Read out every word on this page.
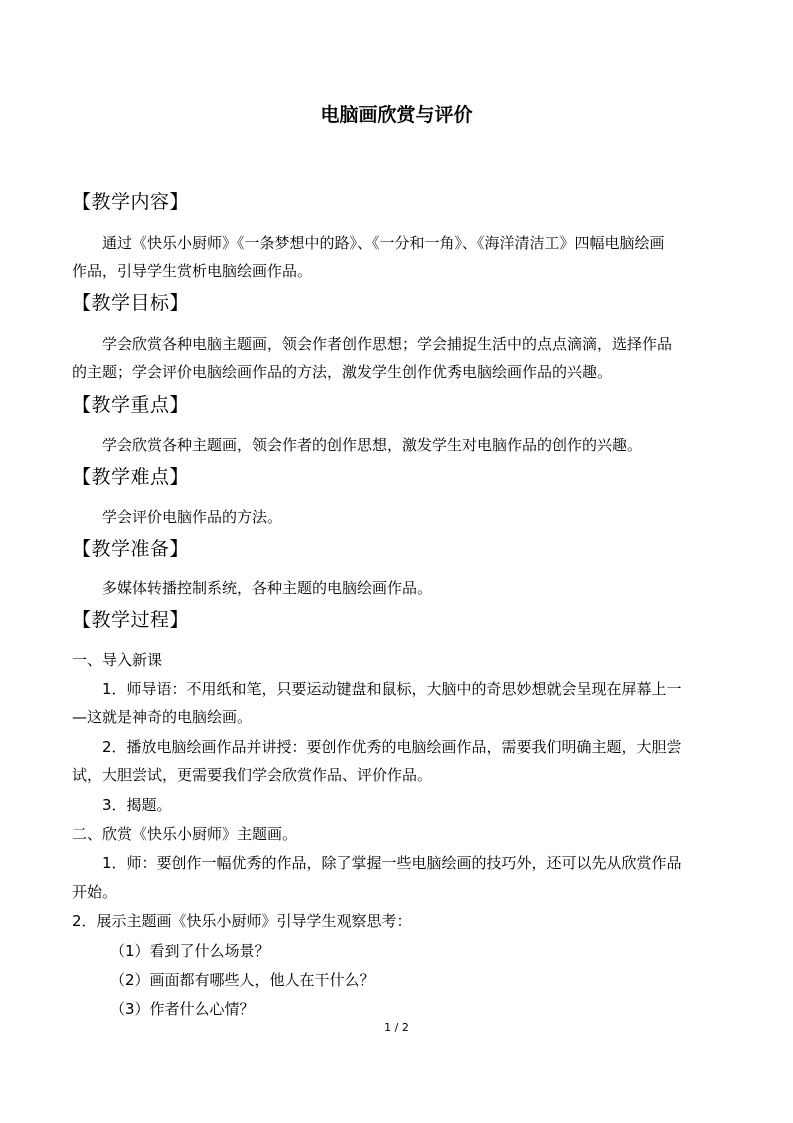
电脑画欣赏与评价
【教学内容】
通过《快乐小厨师》《一条梦想中的路》、《一分和一角》、《海洋清洁工》四幅电脑绘画
作品，引导学生赏析电脑绘画作品。
【教学目标】
学会欣赏各种电脑主题画，领会作者创作思想；学会捕捉生活中的点点滴滴，选择作品
的主题；学会评价电脑绘画作品的方法，激发学生创作优秀电脑绘画作品的兴趣。
【教学重点】
学会欣赏各种主题画，领会作者的创作思想，激发学生对电脑作品的创作的兴趣。
【教学难点】
学会评价电脑作品的方法。
【教学准备】
多媒体转播控制系统，各种主题的电脑绘画作品。
【教学过程】
一、导入新课
1．师导语：不用纸和笔，只要运动键盘和鼠标，大脑中的奇思妙想就会呈现在屏幕上一
—这就是神奇的电脑绘画。
2．播放电脑绘画作品并讲授：要创作优秀的电脑绘画作品，需要我们明确主题，大胆尝
试，大胆尝试，更需要我们学会欣赏作品、评价作品。
3．揭题。
二、欣赏《快乐小厨师》主题画。
1．师：要创作一幅优秀的作品，除了掌握一些电脑绘画的技巧外，还可以先从欣赏作品
开始。
2．展示主题画《快乐小厨师》引导学生观察思考：
（1）看到了什么场景？
（2）画面都有哪些人，他人在干什么？
（3）作者什么心情？
1 / 2
